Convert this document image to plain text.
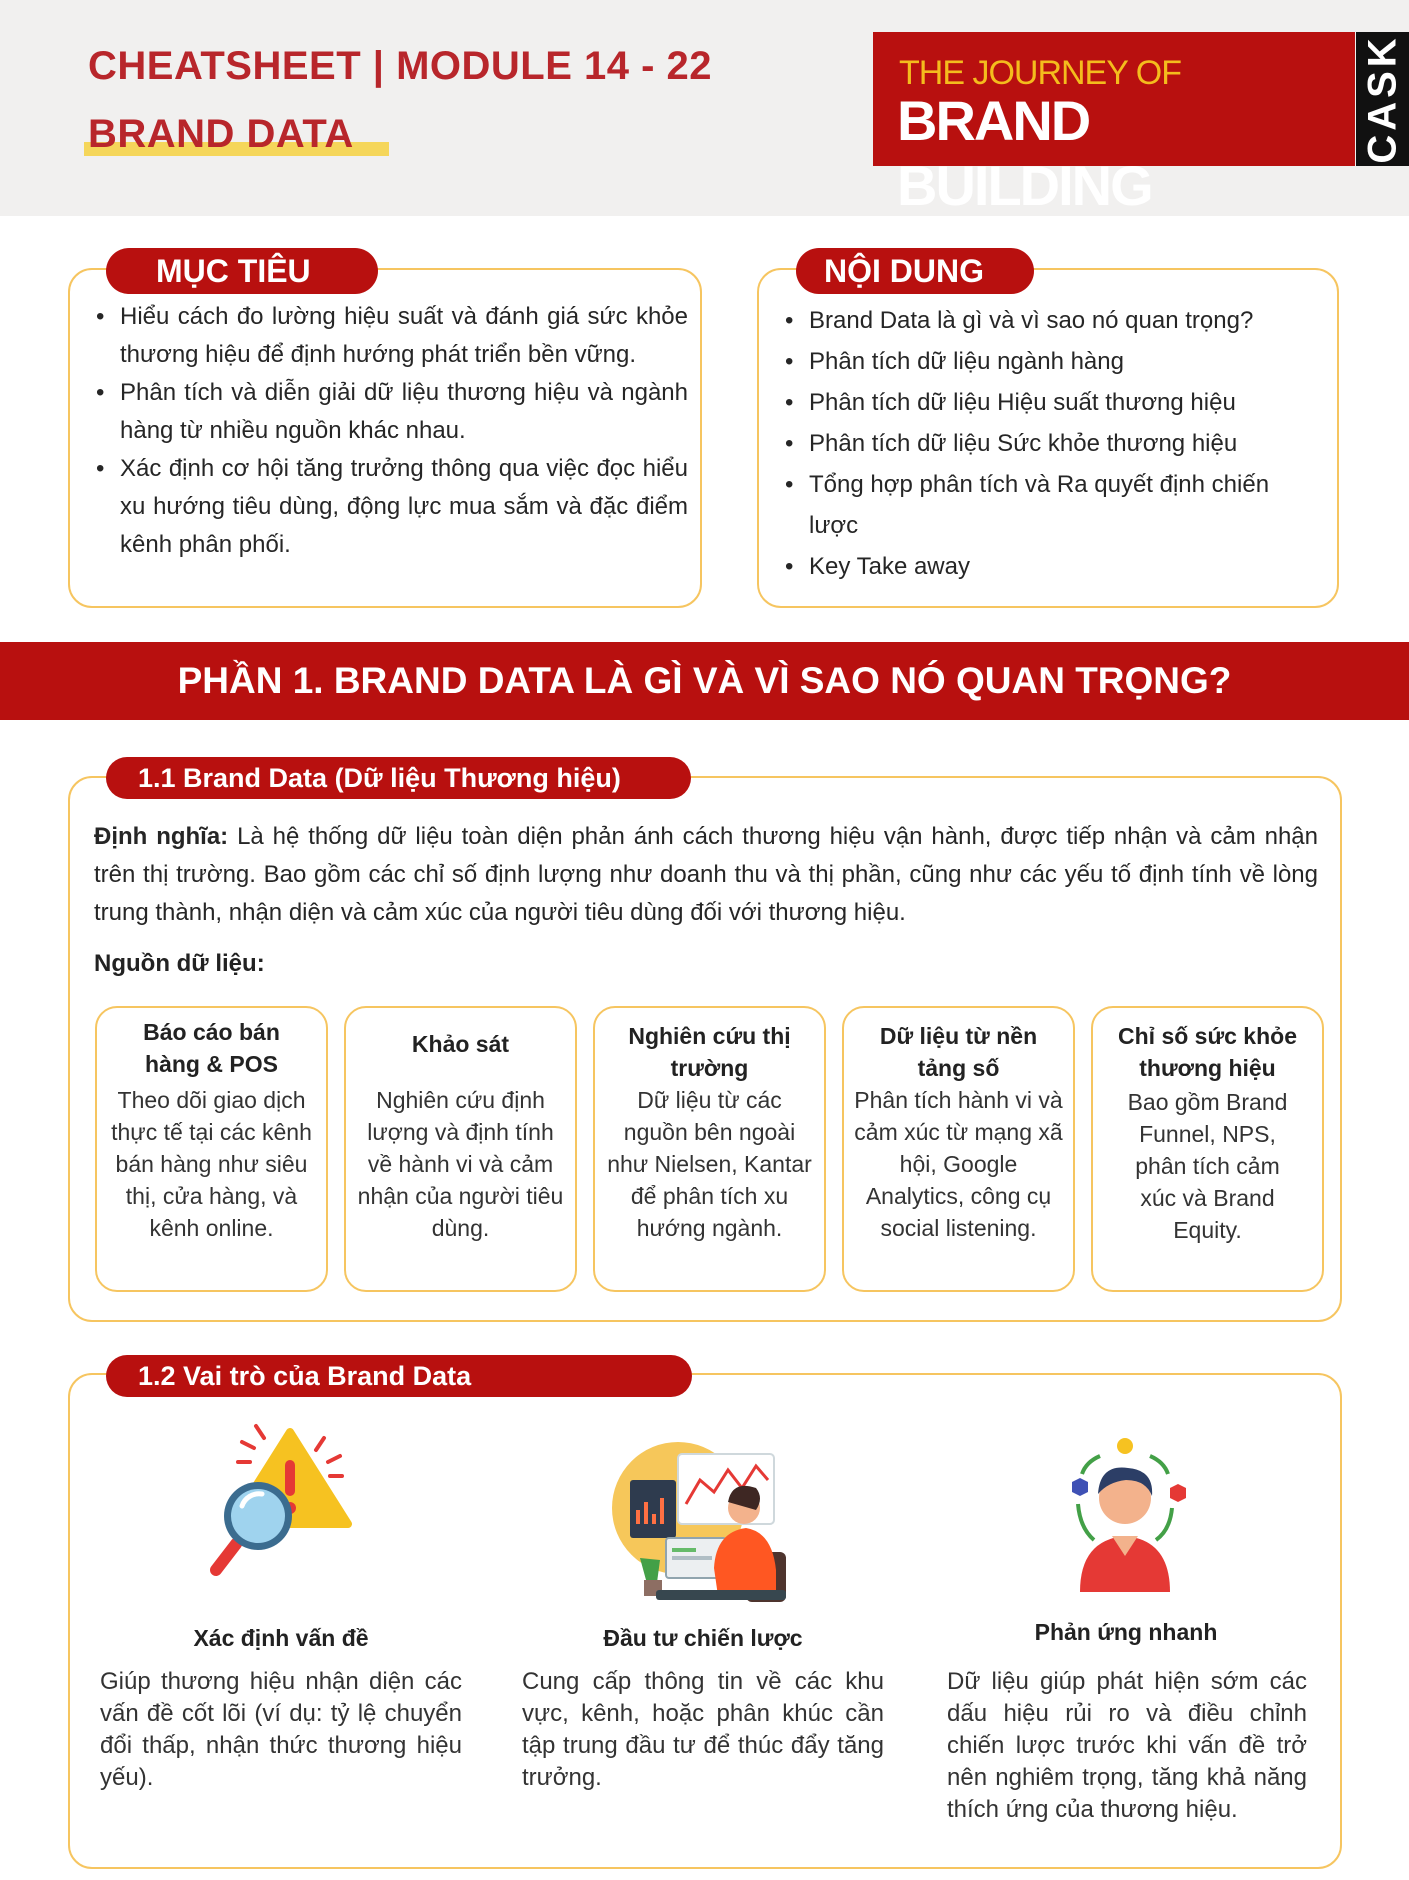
CHEATSHEET | MODULE 14 - 22
BRAND DATA
THE JOURNEY OF
BRAND BUILDING
CASK
• Hiểu cách đo lường hiệu suất và đánh giá sức khỏe thương hiệu để định hướng phát triển bền vững.
• Phân tích và diễn giải dữ liệu thương hiệu và ngành hàng từ nhiều nguồn khác nhau.
• Xác định cơ hội tăng trưởng thông qua việc đọc hiểu xu hướng tiêu dùng, động lực mua sắm và đặc điểm kênh phân phối.
MỤC TIÊU
• Brand Data là gì và vì sao nó quan trọng?
• Phân tích dữ liệu ngành hàng
• Phân tích dữ liệu Hiệu suất thương hiệu
• Phân tích dữ liệu Sức khỏe thương hiệu
• Tổng hợp phân tích và Ra quyết định chiến lược
• Key Take away
NỘI DUNG
PHẦN 1. BRAND DATA LÀ GÌ VÀ VÌ SAO NÓ QUAN TRỌNG?
1.1 Brand Data (Dữ liệu Thương hiệu)
Định nghĩa: Là hệ thống dữ liệu toàn diện phản ánh cách thương hiệu vận hành, được tiếp nhận và cảm nhận trên thị trường. Bao gồm các chỉ số định lượng như doanh thu và thị phần, cũng như các yếu tố định tính về lòng trung thành, nhận diện và cảm xúc của người tiêu dùng đối với thương hiệu.
Nguồn dữ liệu:
Báo cáo bán hàng & POS
Theo dõi giao dịch thực tế tại các kênh bán hàng như siêu thị, cửa hàng, và kênh online.
Khảo sát
Nghiên cứu định lượng và định tính về hành vi và cảm nhận của người tiêu dùng.
Nghiên cứu thị trường
Dữ liệu từ các nguồn bên ngoài như Nielsen, Kantar để phân tích xu hướng ngành.
Dữ liệu từ nền tảng số
Phân tích hành vi và cảm xúc từ mạng xã hội, Google Analytics, công cụ social listening.
Chỉ số sức khỏe thương hiệu
Bao gồm Brand Funnel, NPS, phân tích cảm xúc và Brand Equity.
1.2 Vai trò của Brand Data
Xác định vấn đề
Giúp thương hiệu nhận diện các vấn đề cốt lõi (ví dụ: tỷ lệ chuyển đổi thấp, nhận thức thương hiệu yếu).
Đầu tư chiến lược
Cung cấp thông tin về các khu vực, kênh, hoặc phân khúc cần tập trung đầu tư để thúc đẩy tăng trưởng.
Phản ứng nhanh
Dữ liệu giúp phát hiện sớm các dấu hiệu rủi ro và điều chỉnh chiến lược trước khi vấn đề trở nên nghiêm trọng, tăng khả năng thích ứng của thương hiệu.
